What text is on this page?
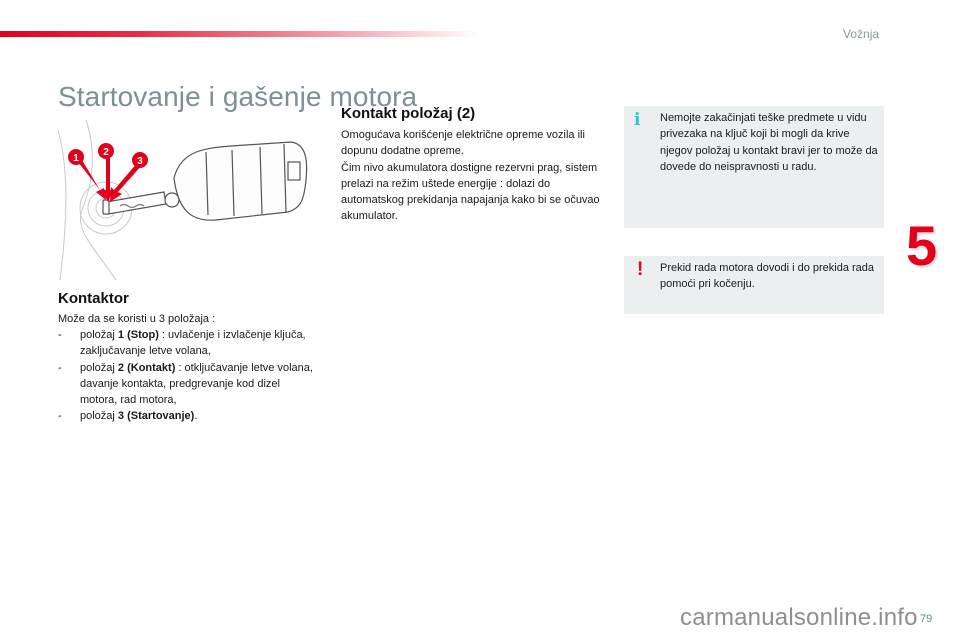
Vožnja
Startovanje i gašenje motora
5
1
2
3
Kontaktor
Može da se koristi u 3 položaja :
- položaj 1 (Stop) : uvlačenje i izvlačenje ključa, zaključavanje letve volana,
- položaj 2 (Kontakt) : otključavanje letve volana, davanje kontakta, predgrevanje kod dizel motora, rad motora,
- položaj 3 (Startovanje).
Kontakt položaj (2)
Omogućava korišćenje električne opreme vozila ili dopunu dodatne opreme.
Čim nivo akumulatora dostigne rezervni prag, sistem prelazi na režim uštede energije : dolazi do automatskog prekidanja napajanja kako bi se očuvao akumulator.
i Nemojte zakačinjati teške predmete u vidu privezaka na ključ koji bi mogli da krive njegov položaj u kontakt bravi jer to može da dovede do neispravnosti u radu.
! Prekid rada motora dovodi i do prekida rada pomoći pri kočenju.
carmanualsonline.info 79
